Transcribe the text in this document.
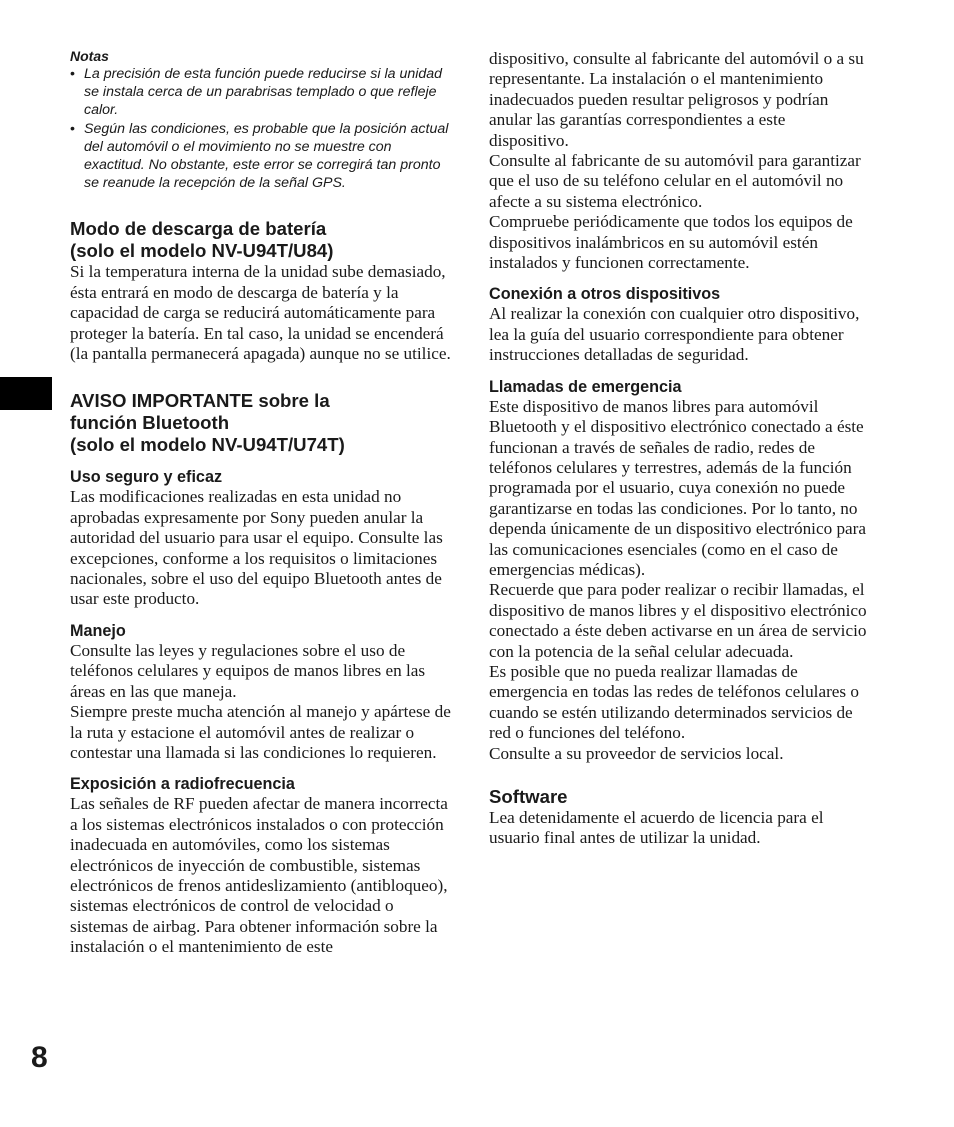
Notas

• La precisión de esta función puede reducirse si la unidad se instala cerca de un parabrisas templado o que refleje calor.
• Según las condiciones, es probable que la posición actual del automóvil o el movimiento no se muestre con exactitud. No obstante, este error se corregirá tan pronto se reanude la recepción de la señal GPS.
Modo de descarga de batería
(solo el modelo NV-U94T/U84)

Si la temperatura interna de la unidad sube demasiado, ésta entrará en modo de descarga de batería y la capacidad de carga se reducirá automáticamente para proteger la batería. En tal caso, la unidad se encenderá (la pantalla permanecerá apagada) aunque no se utilice.

AVISO IMPORTANTE sobre la
función Bluetooth
(solo el modelo NV-U94T/U74T)
Uso seguro y eficaz

Las modificaciones realizadas en esta unidad no aprobadas expresamente por Sony pueden anular la autoridad del usuario para usar el equipo. Consulte las excepciones, conforme a los requisitos o limitaciones nacionales, sobre el uso del equipo Bluetooth antes de usar este producto.

Manejo

Consulte las leyes y regulaciones sobre el uso de teléfonos celulares y equipos de manos libres en las áreas en las que maneja.

Siempre preste mucha atención al manejo y apártese de la ruta y estacione el automóvil antes de realizar o contestar una llamada si las condiciones lo requieren.

Exposición a radiofrecuencia

Las señales de RF pueden afectar de manera incorrecta a los sistemas electrónicos instalados o con protección inadecuada en automóviles, como los sistemas electrónicos de inyección de combustible, sistemas electrónicos de frenos antideslizamiento (antibloqueo), sistemas electrónicos de control de velocidad o sistemas de airbag. Para obtener información sobre la instalación o el mantenimiento de este

dispositivo, consulte al fabricante del automóvil o a su representante. La instalación o el mantenimiento inadecuados pueden resultar peligrosos y podrían anular las garantías correspondientes a este dispositivo.

Consulte al fabricante de su automóvil para garantizar que el uso de su teléfono celular en el automóvil no afecte a su sistema electrónico.

Compruebe periódicamente que todos los equipos de dispositivos inalámbricos en su automóvil estén instalados y funcionen correctamente.

Conexión a otros dispositivos

Al realizar la conexión con cualquier otro dispositivo, lea la guía del usuario correspondiente para obtener instrucciones detalladas de seguridad.

Llamadas de emergencia

Este dispositivo de manos libres para automóvil Bluetooth y el dispositivo electrónico conectado a éste funcionan a través de señales de radio, redes de teléfonos celulares y terrestres, además de la función programada por el usuario, cuya conexión no puede garantizarse en todas las condiciones. Por lo tanto, no dependa únicamente de un dispositivo electrónico para las comunicaciones esenciales (como en el caso de emergencias médicas).

Recuerde que para poder realizar o recibir llamadas, el dispositivo de manos libres y el dispositivo electrónico conectado a éste deben activarse en un área de servicio con la potencia de la señal celular adecuada.

Es posible que no pueda realizar llamadas de emergencia en todas las redes de teléfonos celulares o cuando se estén utilizando determinados servicios de red o funciones del teléfono.

Consulte a su proveedor de servicios local.

Software

Lea detenidamente el acuerdo de licencia para el usuario final antes de utilizar la unidad.

8
